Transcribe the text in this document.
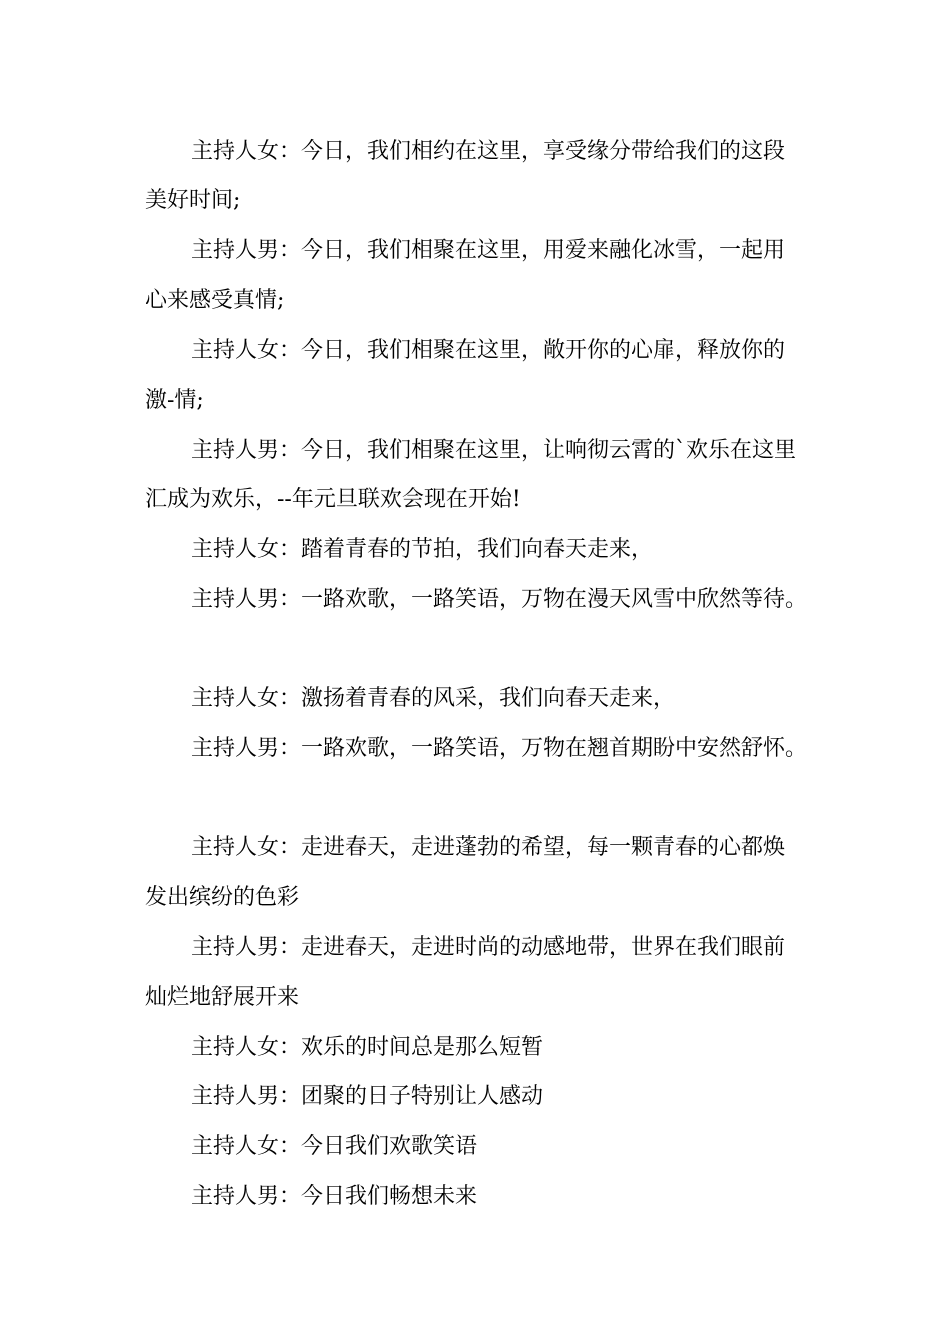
主持人女：今日，我们相约在这里，享受缘分带给我们的这段
美好时间;
主持人男：今日，我们相聚在这里，用爱来融化冰雪，一起用
心来感受真情;
主持人女：今日，我们相聚在这里，敞开你的心扉，释放你的
激-情;
主持人男：今日，我们相聚在这里，让响彻云霄的`欢乐在这里
汇成为欢乐，--年元旦联欢会现在开始!
主持人女：踏着青春的节拍，我们向春天走来，
主持人男：一路欢歌，一路笑语，万物在漫天风雪中欣然等待。
主持人女：激扬着青春的风采，我们向春天走来，
主持人男：一路欢歌，一路笑语，万物在翘首期盼中安然舒怀。
主持人女：走进春天，走进蓬勃的希望，每一颗青春的心都焕
发出缤纷的色彩
主持人男：走进春天，走进时尚的动感地带，世界在我们眼前
灿烂地舒展开来
主持人女：欢乐的时间总是那么短暂
主持人男：团聚的日子特别让人感动
主持人女：今日我们欢歌笑语
主持人男：今日我们畅想未来
